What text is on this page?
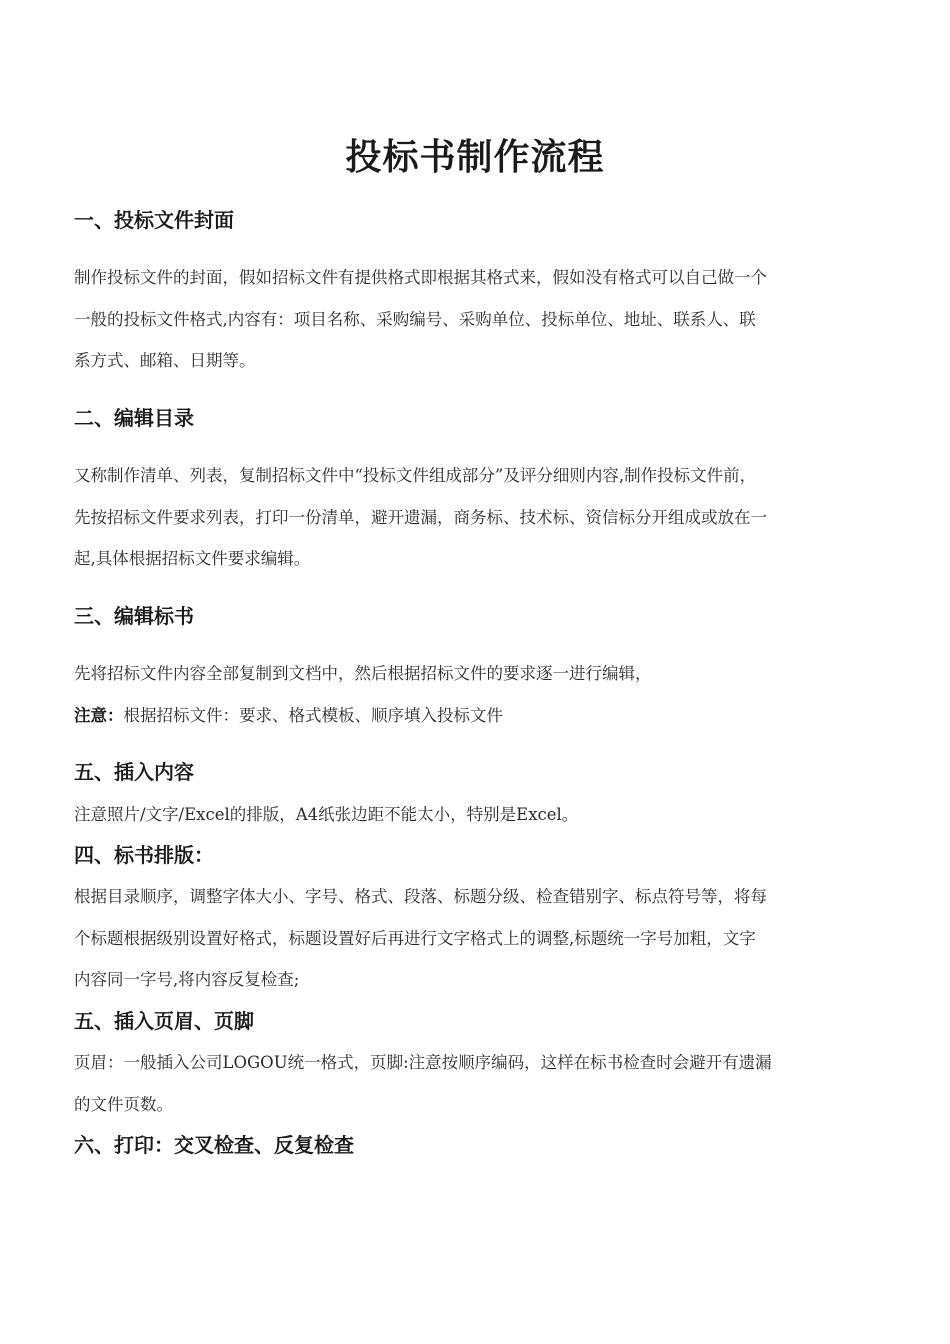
投标书制作流程
一、投标文件封面
制作投标文件的封面，假如招标文件有提供格式即根据其格式来，假如没有格式可以自己做一个
一般的投标文件格式,内容有：项目名称、采购编号、采购单位、投标单位、地址、联系人、联
系方式、邮箱、日期等。
二、编辑目录
又称制作清单、列表，复制招标文件中“投标文件组成部分”及评分细则内容,制作投标文件前，
先按招标文件要求列表，打印一份清单，避开遗漏，商务标、技术标、资信标分开组成或放在一
起,具体根据招标文件要求编辑。
三、编辑标书
先将招标文件内容全部复制到文档中，然后根据招标文件的要求逐一进行编辑，
注意：根据招标文件：要求、格式模板、顺序填入投标文件
五、插入内容
注意照片/文字/Excel的排版，A4纸张边距不能太小，特别是Excel。
四、标书排版：
根据目录顺序，调整字体大小、字号、格式、段落、标题分级、检查错别字、标点符号等，将每
个标题根据级别设置好格式，标题设置好后再进行文字格式上的调整,标题统一字号加粗，文字
内容同一字号,将内容反复检查;
五、插入页眉、页脚
页眉：一般插入公司LOGOU统一格式，页脚:注意按顺序编码，这样在标书检查时会避开有遗漏
的文件页数。
六、打印：交叉检查、反复检查
